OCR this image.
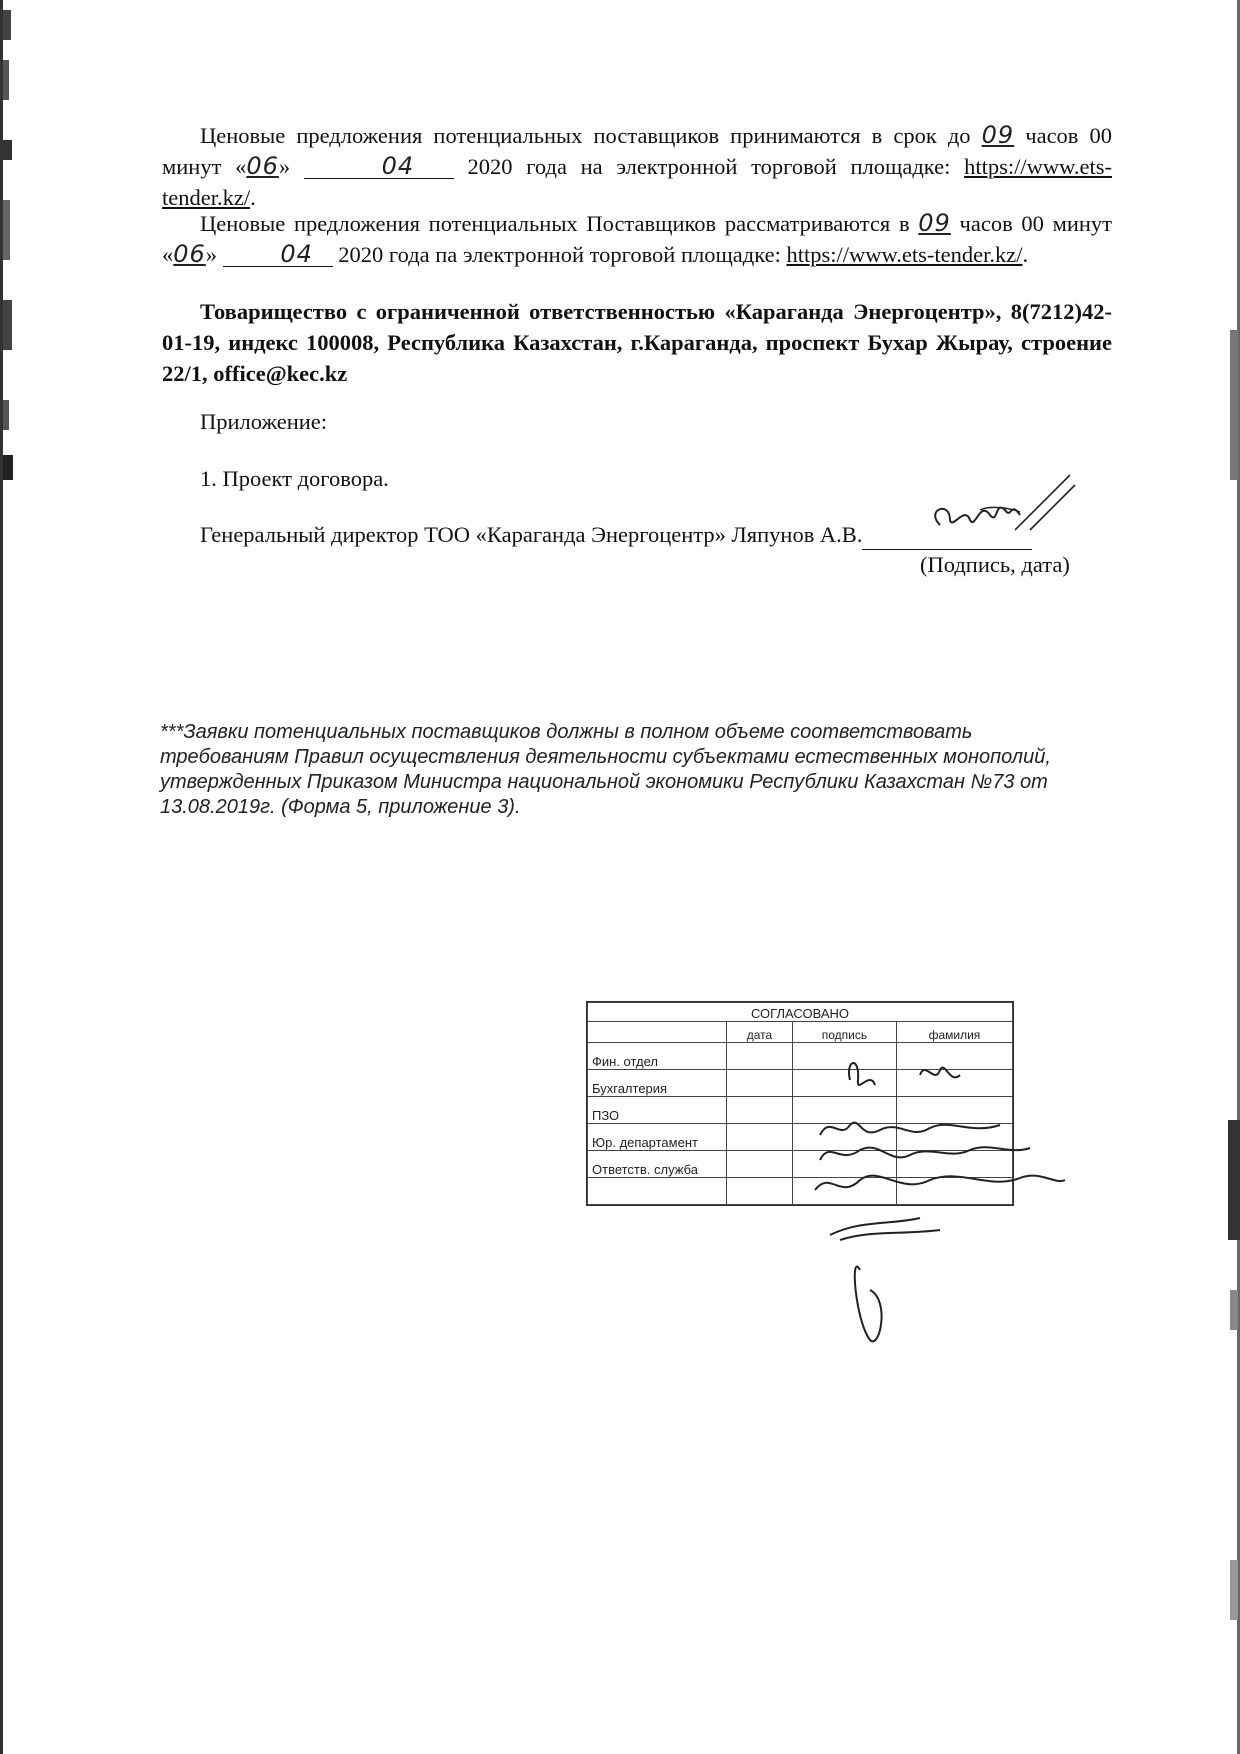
Ценовые предложения потенциальных поставщиков принимаются в срок до 09 часов 00 минут «06»	04 2020 года на электронной торговой площадке: https://www.ets-tender.kz/.
Ценовые предложения потенциальных Поставщиков рассматриваются в 09 часов 00 минут «06»	04 2020 года па электронной торговой площадке: https://www.ets-tender.kz/.
Товарищество с ограниченной ответственностью «Караганда Энергоцентр», 8(7212)42-01-19, индекс 100008, Республика Казахстан, г.Караганда, проспект Бухар Жырау, строение 22/1, office@kec.kz
Приложение:
1. Проект договора.
Генеральный директор ТОО «Караганда Энергоцентр» Ляпунов А.В.
(Подпись, дата)
***Заявки потенциальных поставщиков должны в полном объеме соответствовать требованиям Правил осуществления деятельности субъектами естественных монополий, утвержденных Приказом Министра национальной экономики Республики Казахстан №73 от 13.08.2019г. (Форма 5, приложение 3).
СОГЛАСОВАНО			
	дата	подпись	фамилия
Фин. отдел			
Бухгалтерия			
ПЗО			
Юр. департамент			
Ответств. служба			
